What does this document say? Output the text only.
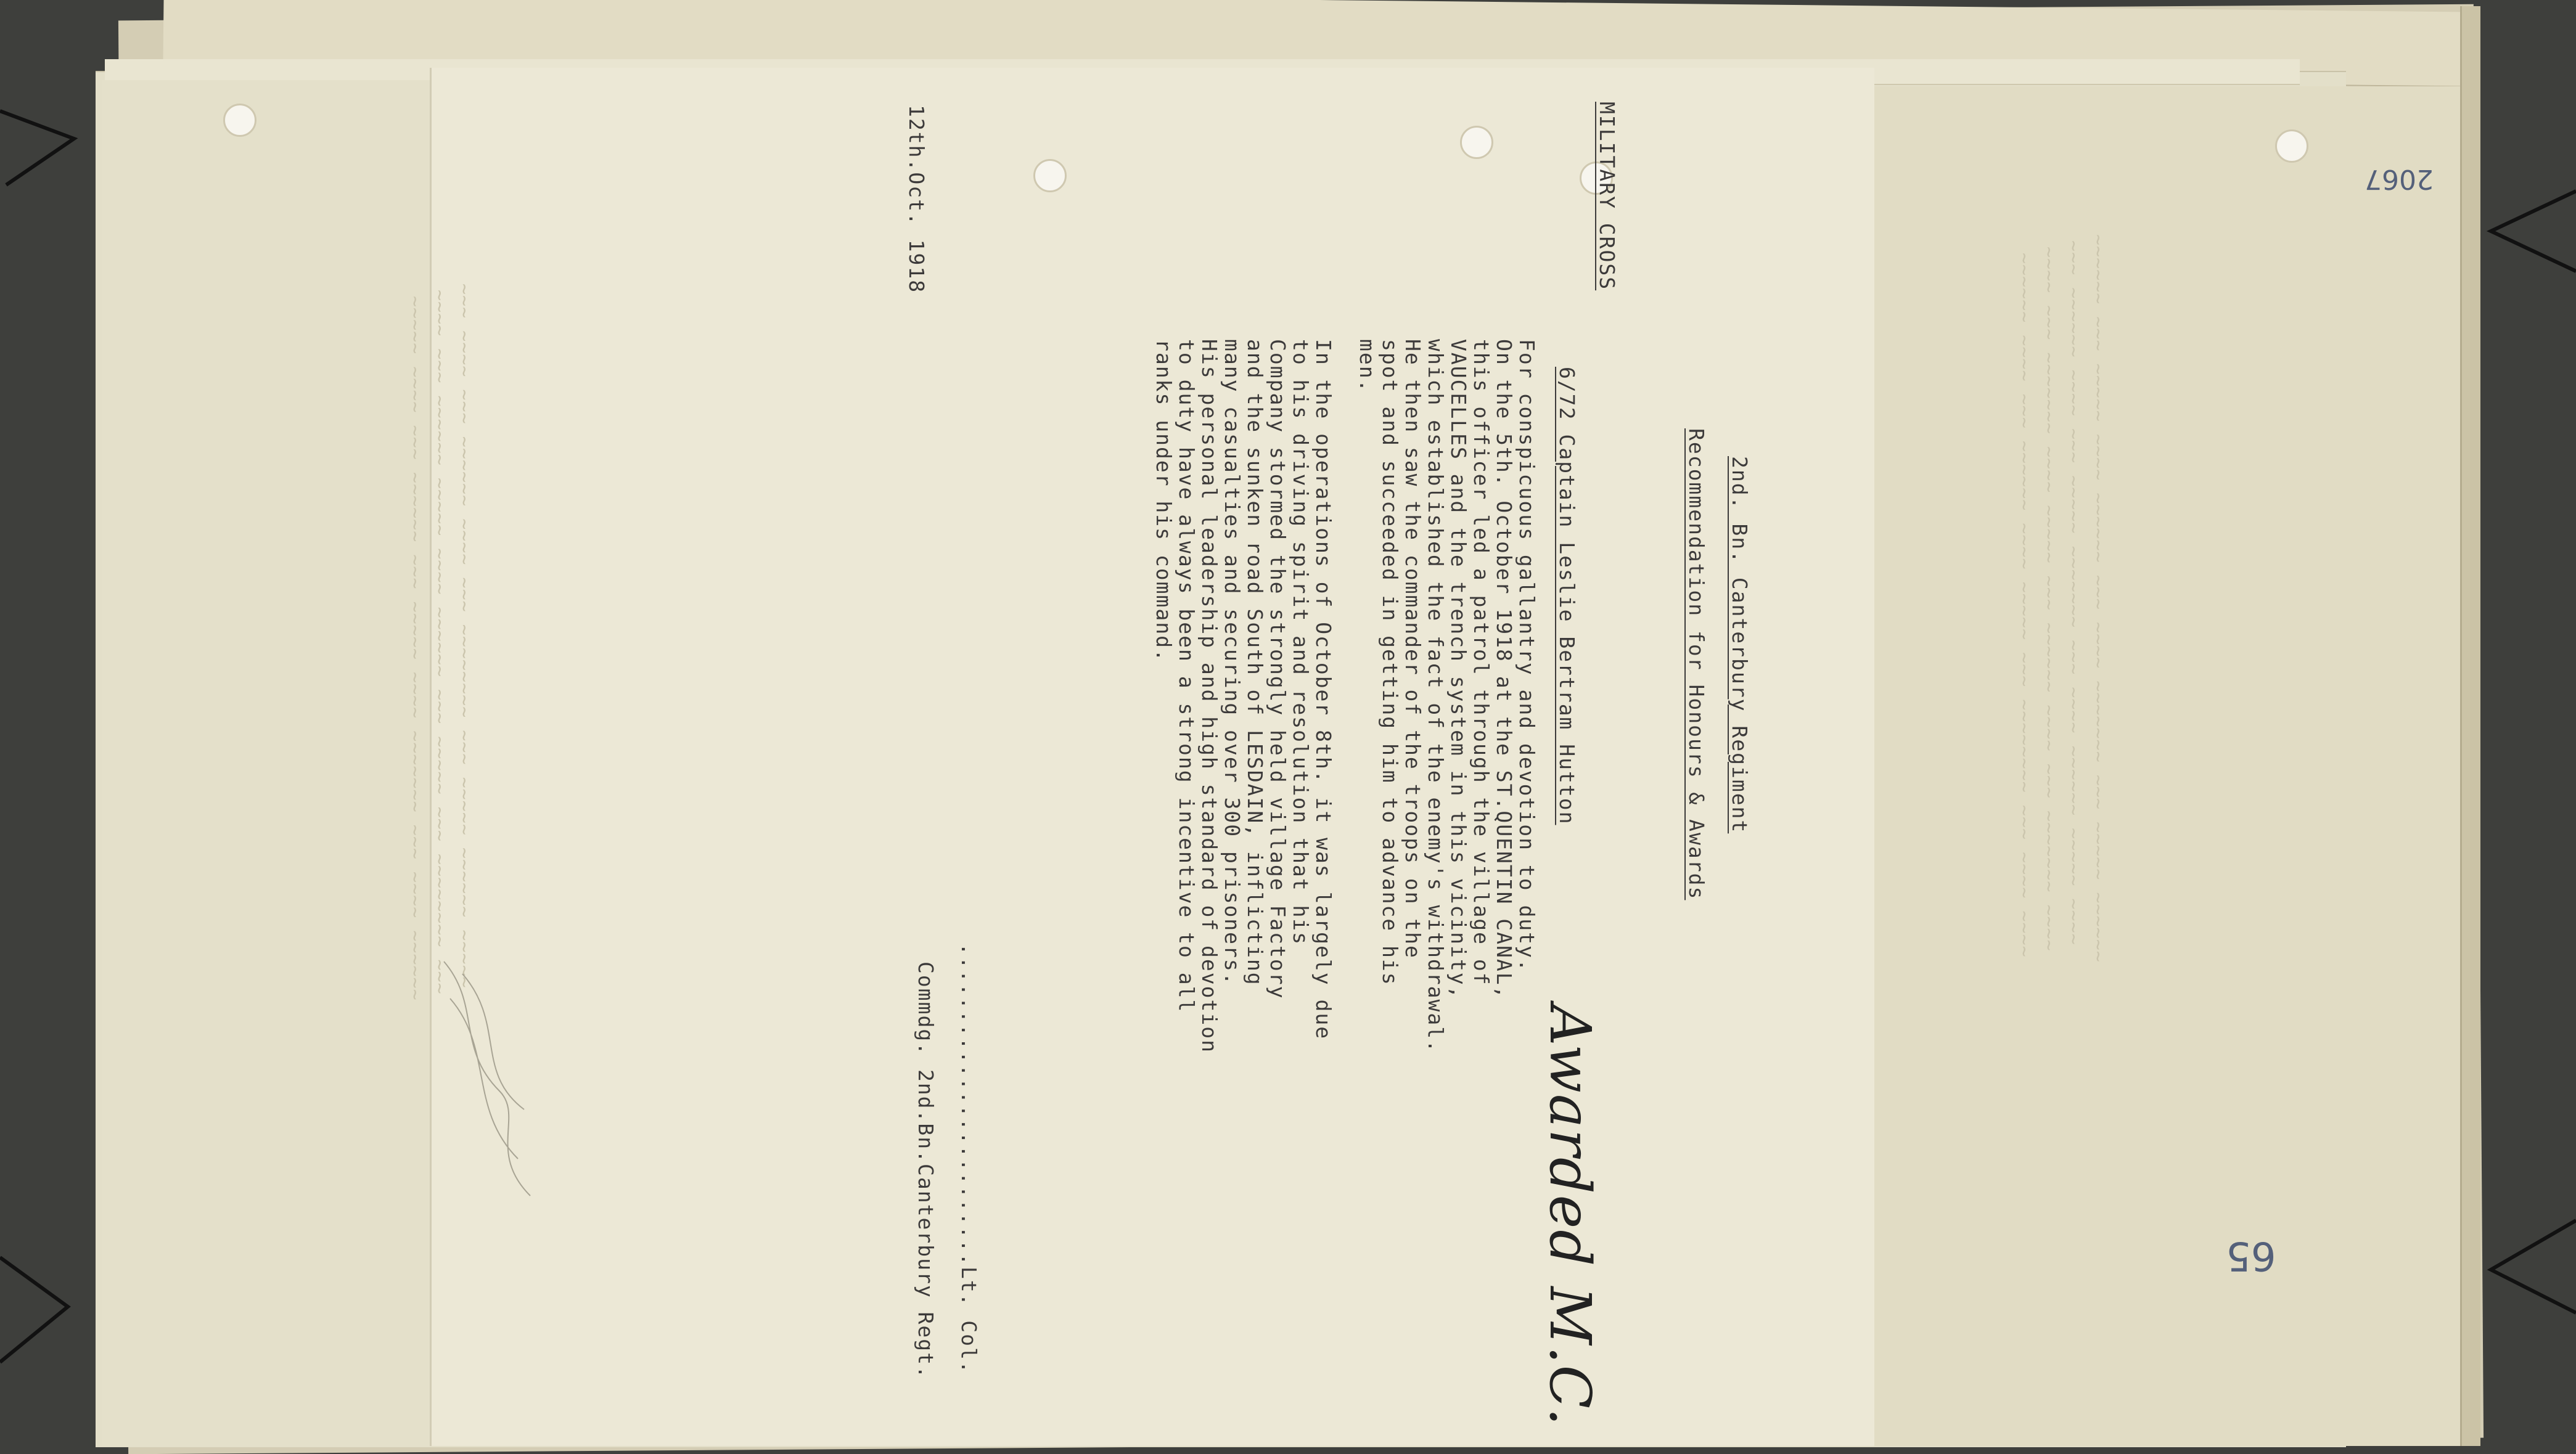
~~~ ~~~~ ~~~ ~~~~~~ ~~~~ ~~~ ~~~~~~~~ ~~~ ~~~~~ ~~~~~~ ~~~~~
~~~~ ~~~ ~~~~~~ ~~~~~ ~~~~ ~~~~~~ ~~~ ~~~~~ ~~~ ~~~~~~~~ ~~~
~~~~~ ~~~~ ~~~ ~~~~~~ ~~~ ~~~~~ ~~~~ ~~~~~~~ ~~~ ~~~~ ~~~~~~	~~~~~~ ~~~ ~~~~~ ~~~~ ~~~~~~ ~~~ ~~~~ ~~~~~~~ ~~~ ~~~~~ ~~~~~~
~~~ ~~~~~~ ~~~~ ~~~ ~~~~~ ~~~~~~~ ~~~ ~~~~ ~~~~~~ ~~~~~ ~~~~
~~~~ ~~~ ~~~~~~~ ~~~~ ~~~~~ ~~~ ~~~~~~ ~~~~ ~~~ ~~~~~~~ ~~~~
~~~~~~ ~~~~ ~~~ ~~~~~~ ~~~~ ~~~~~ ~~~ ~~~~~~~~ ~~~ ~~~~ ~~~~
2nd. Bn. Canterbury Regiment
Recommendation for Honours & Awards
MILITARY CROSS
6/72 Captain Leslie Bertram Hutton
Awarded M.C.
For conspicuous gallantry and devotion to duty.
On the 5th. October 1918 at the ST.QUENTIN CANAL,
this officer led a patrol through the village of
VAUCELLES and the trench system in this vicinity,
which established the fact of the enemy's withdrawal.
He then saw the commander of the troops on the
spot and succeeded in getting him to advance his
men.
In the operations of October 8th. it was largely due
to his driving spirit and resolution that his
Company stormed the strongly held village Factory
and the sunken road South of LESDAIN, inflicting
many casualties and securing over 300 prisoners.
His personal leadership and high standard of devotion
to duty have always been a strong incentive to all
ranks under his command.
........................Lt. Col.
Commdg. 2nd.Bn.Canterbury Regt.
12th.Oct. 1918
65
2067
